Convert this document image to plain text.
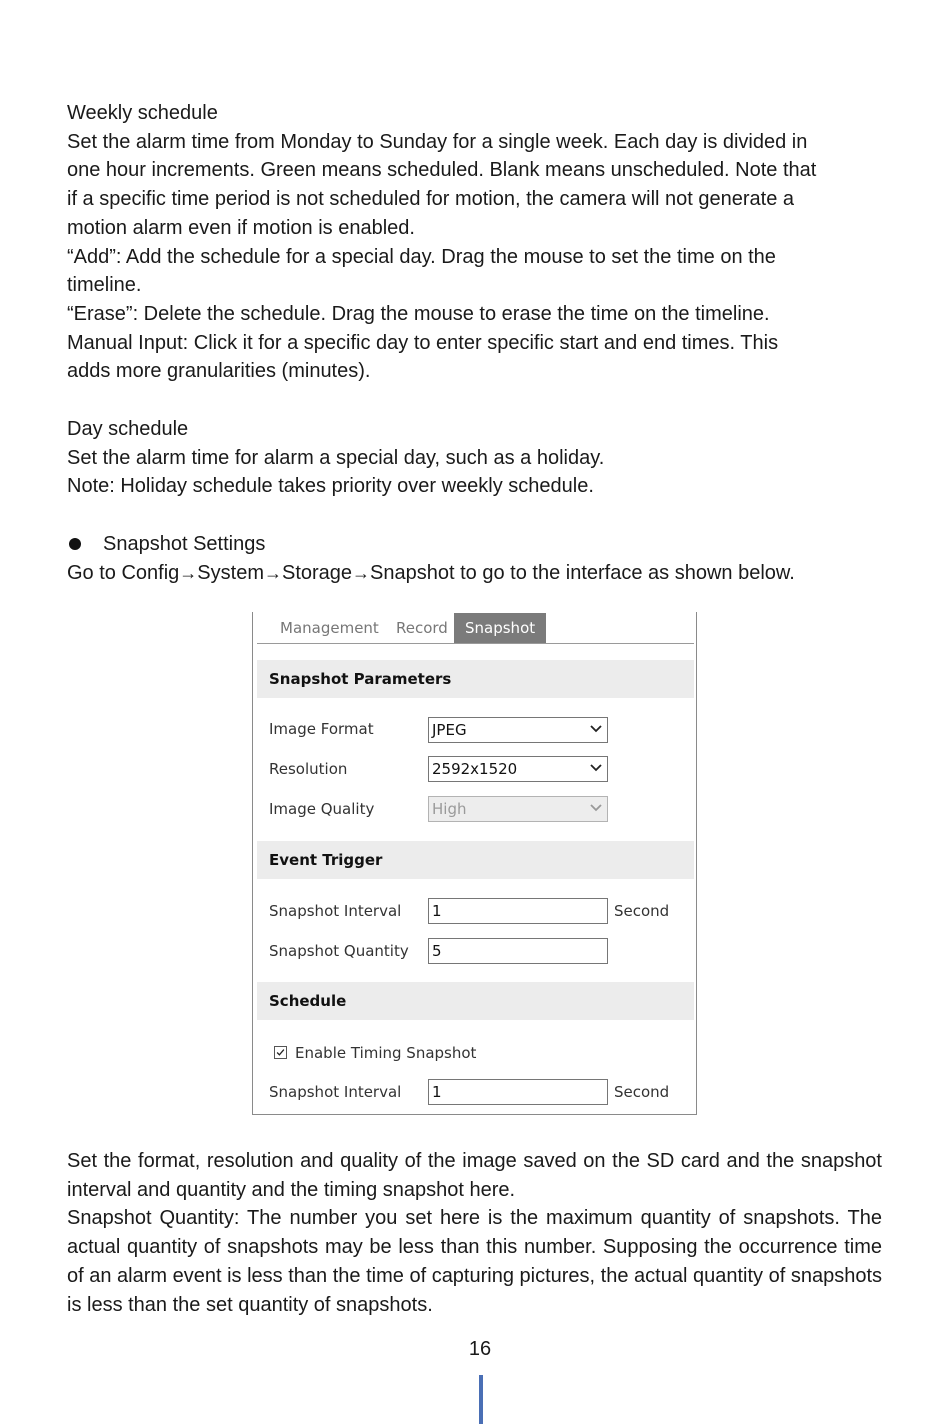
Weekly schedule

Set the alarm time from Monday to Sunday for a single week. Each day is divided in

one hour increments. Green means scheduled. Blank means unscheduled. Note that

if a specific time period is not scheduled for motion, the camera will not generate a

motion alarm even if motion is enabled.

“Add”: Add the schedule for a special day. Drag the mouse to set the time on the

timeline.

“Erase”: Delete the schedule. Drag the mouse to erase the time on the timeline.

Manual Input: Click it for a specific day to enter specific start and end times. This

adds more granularities (minutes).

Day schedule

Set the alarm time for alarm a special day, such as a holiday.

Note: Holiday schedule takes priority over weekly schedule.

Snapshot Settings

Go to Config→System→Storage→Snapshot to go to the interface as shown below.

Management	Record	Snapshot
Snapshot Parameters
Image Format	JPEG
Resolution	2592x1520
Image Quality	High
Event Trigger
Snapshot Interval 1	Second
Snapshot Quantity 5
Schedule
Enable Timing Snapshot
Snapshot Interval 1	Second

Set the format, resolution and quality of the image saved on the SD card and the snapshot interval and quantity and the timing snapshot here.

Snapshot Quantity: The number you set here is the maximum quantity of snapshots. The actual quantity of snapshots may be less than this number. Supposing the occurrence time of an alarm event is less than the time of capturing pictures, the actual quantity of snapshots is less than the set quantity of snapshots.

16
